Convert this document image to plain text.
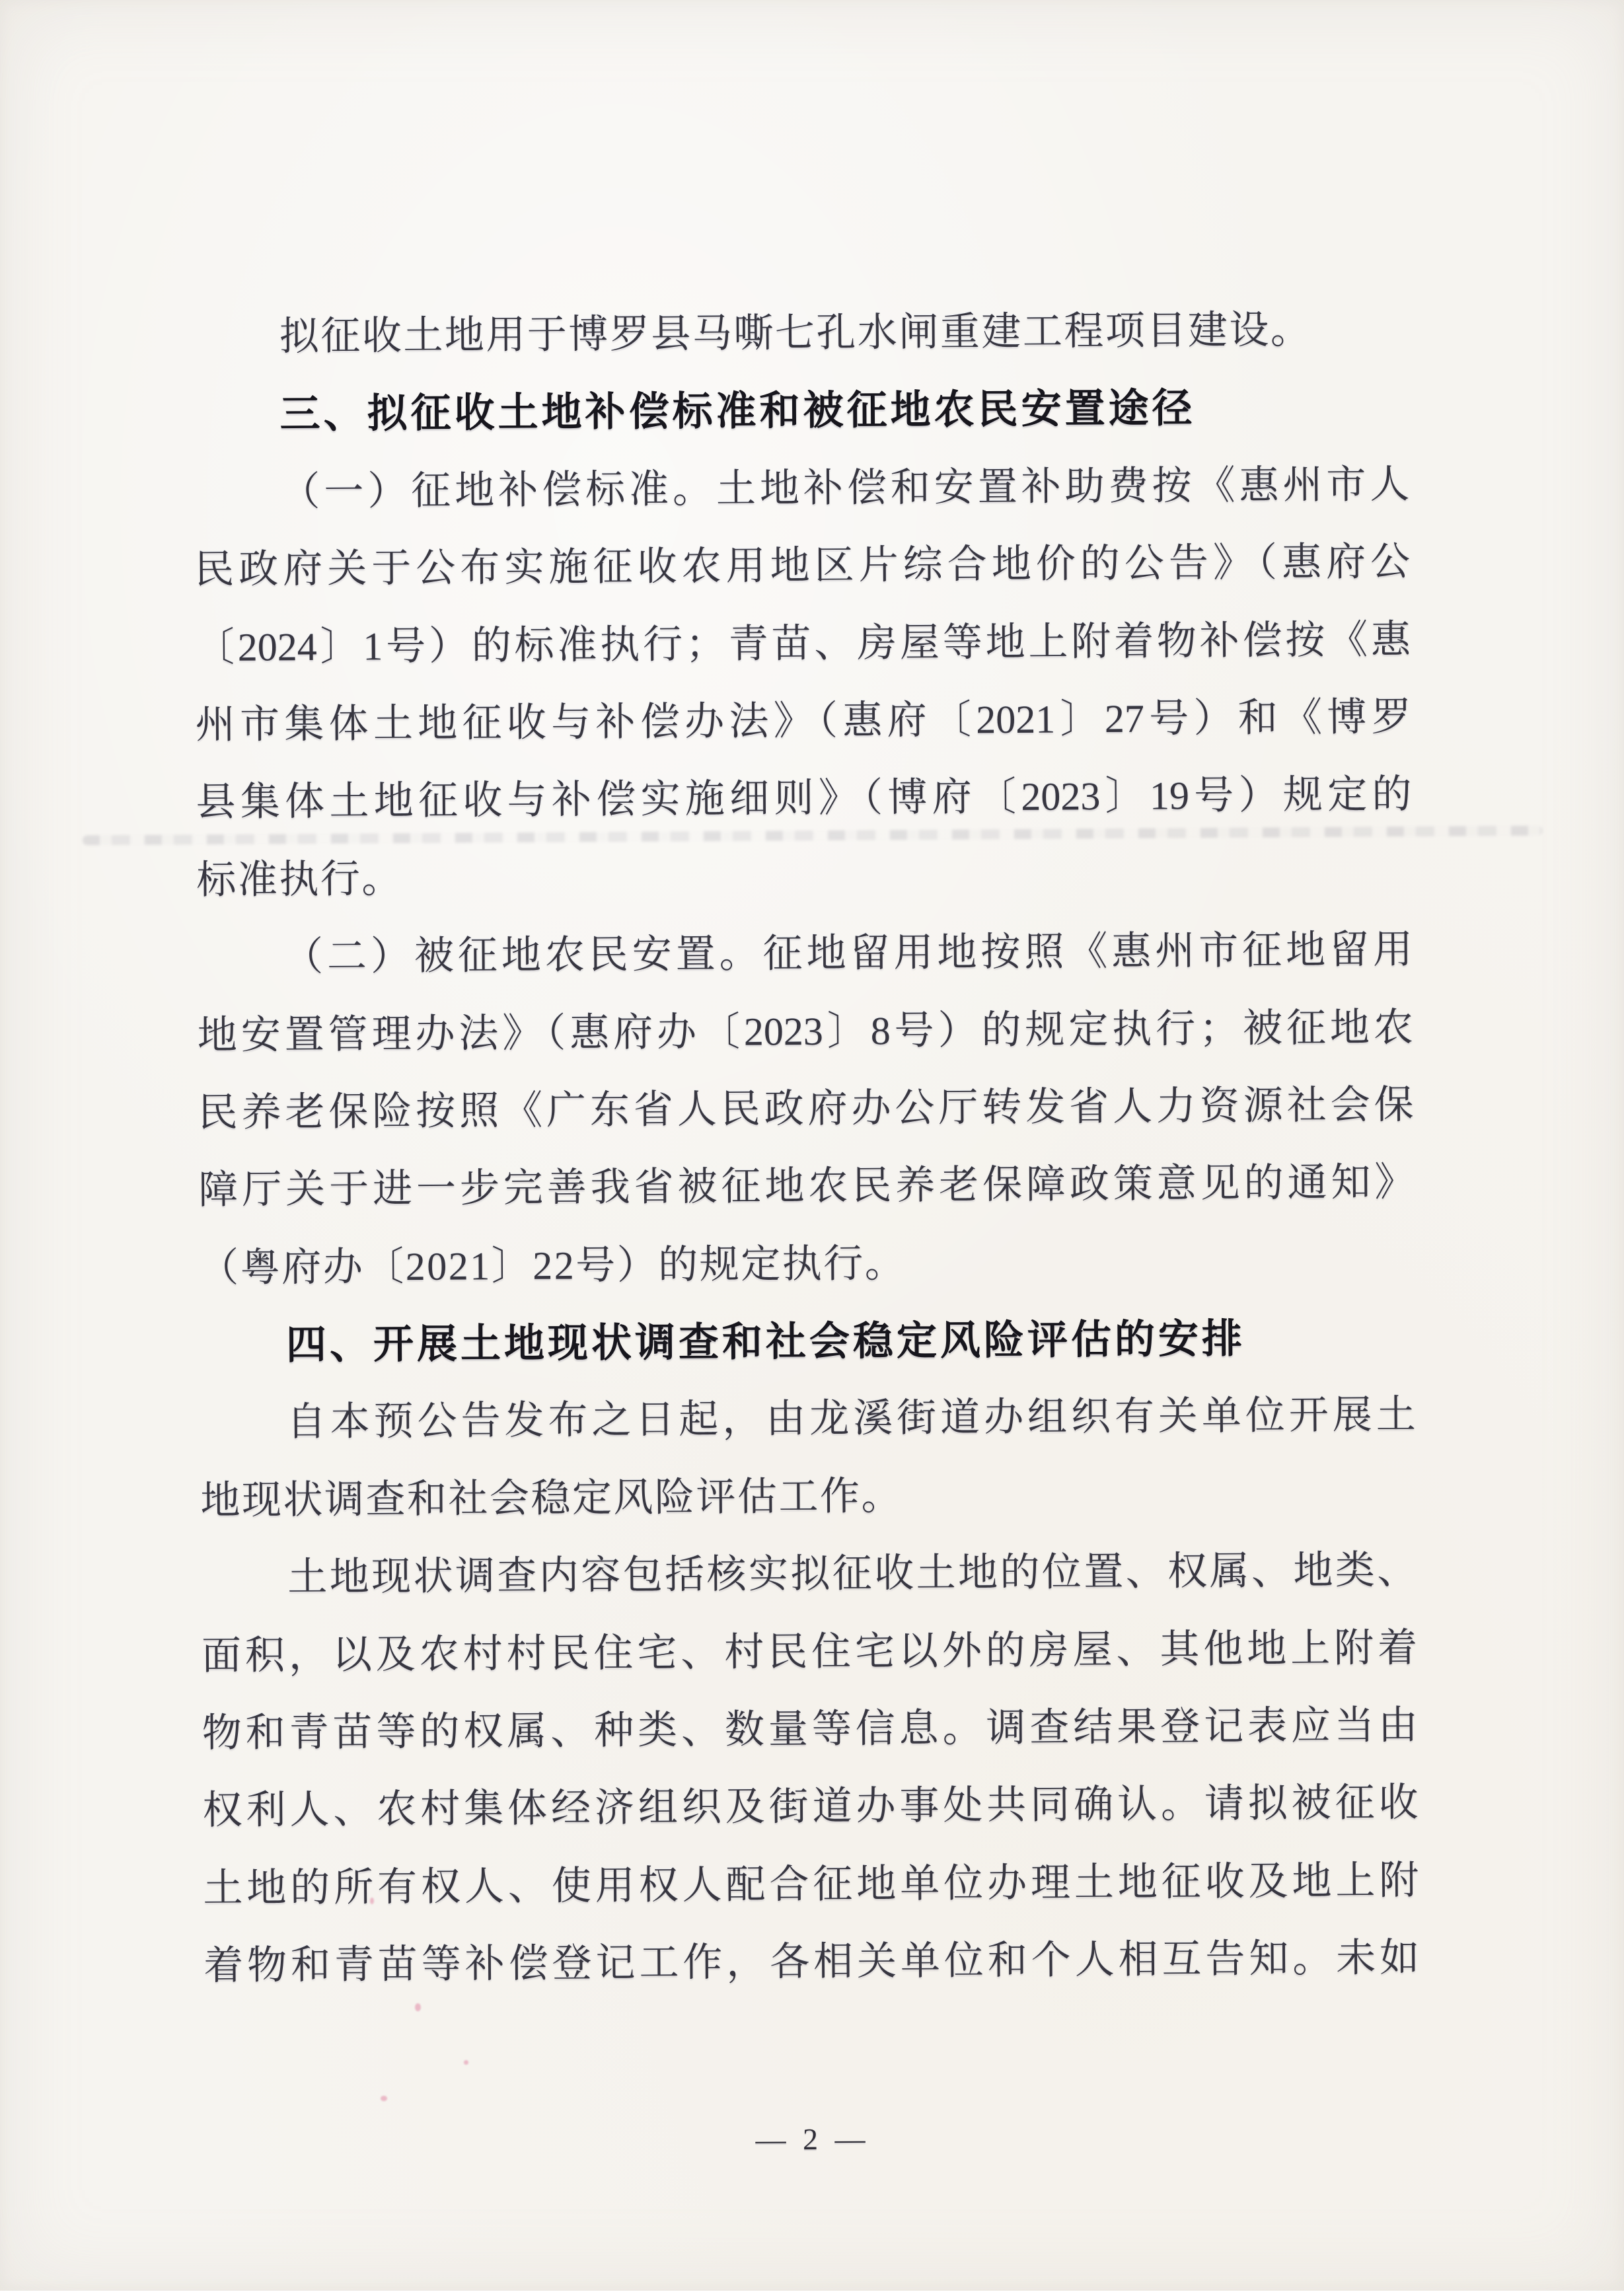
拟征收土地用于博罗县马嘶七孔水闸重建工程项目建设。
三、拟征收土地补偿标准和被征地农民安置途径
（一）征地补偿标准。土地补偿和安置补助费按《惠州市人
民政府关于公布实施征收农用地区片综合地价的公告》（惠府公
〔2024〕1号）的标准执行；青苗、房屋等地上附着物补偿按《惠
州市集体土地征收与补偿办法》（惠府〔2021〕27号）和《博罗
县集体土地征收与补偿实施细则》（博府〔2023〕19号）规定的
标准执行。
（二）被征地农民安置。征地留用地按照《惠州市征地留用
地安置管理办法》（惠府办〔2023〕8号）的规定执行；被征地农
民养老保险按照《广东省人民政府办公厅转发省人力资源社会保
障厅关于进一步完善我省被征地农民养老保障政策意见的通知》
（粤府办〔2021〕22号）的规定执行。
四、开展土地现状调查和社会稳定风险评估的安排
自本预公告发布之日起，由龙溪街道办组织有关单位开展土
地现状调查和社会稳定风险评估工作。
土地现状调查内容包括核实拟征收土地的位置、权属、地类、
面积，以及农村村民住宅、村民住宅以外的房屋、其他地上附着
物和青苗等的权属、种类、数量等信息。调查结果登记表应当由
权利人、农村集体经济组织及街道办事处共同确认。请拟被征收
土地的所有权人、使用权人配合征地单位办理土地征收及地上附
着物和青苗等补偿登记工作，各相关单位和个人相互告知。未如
— 2 —
